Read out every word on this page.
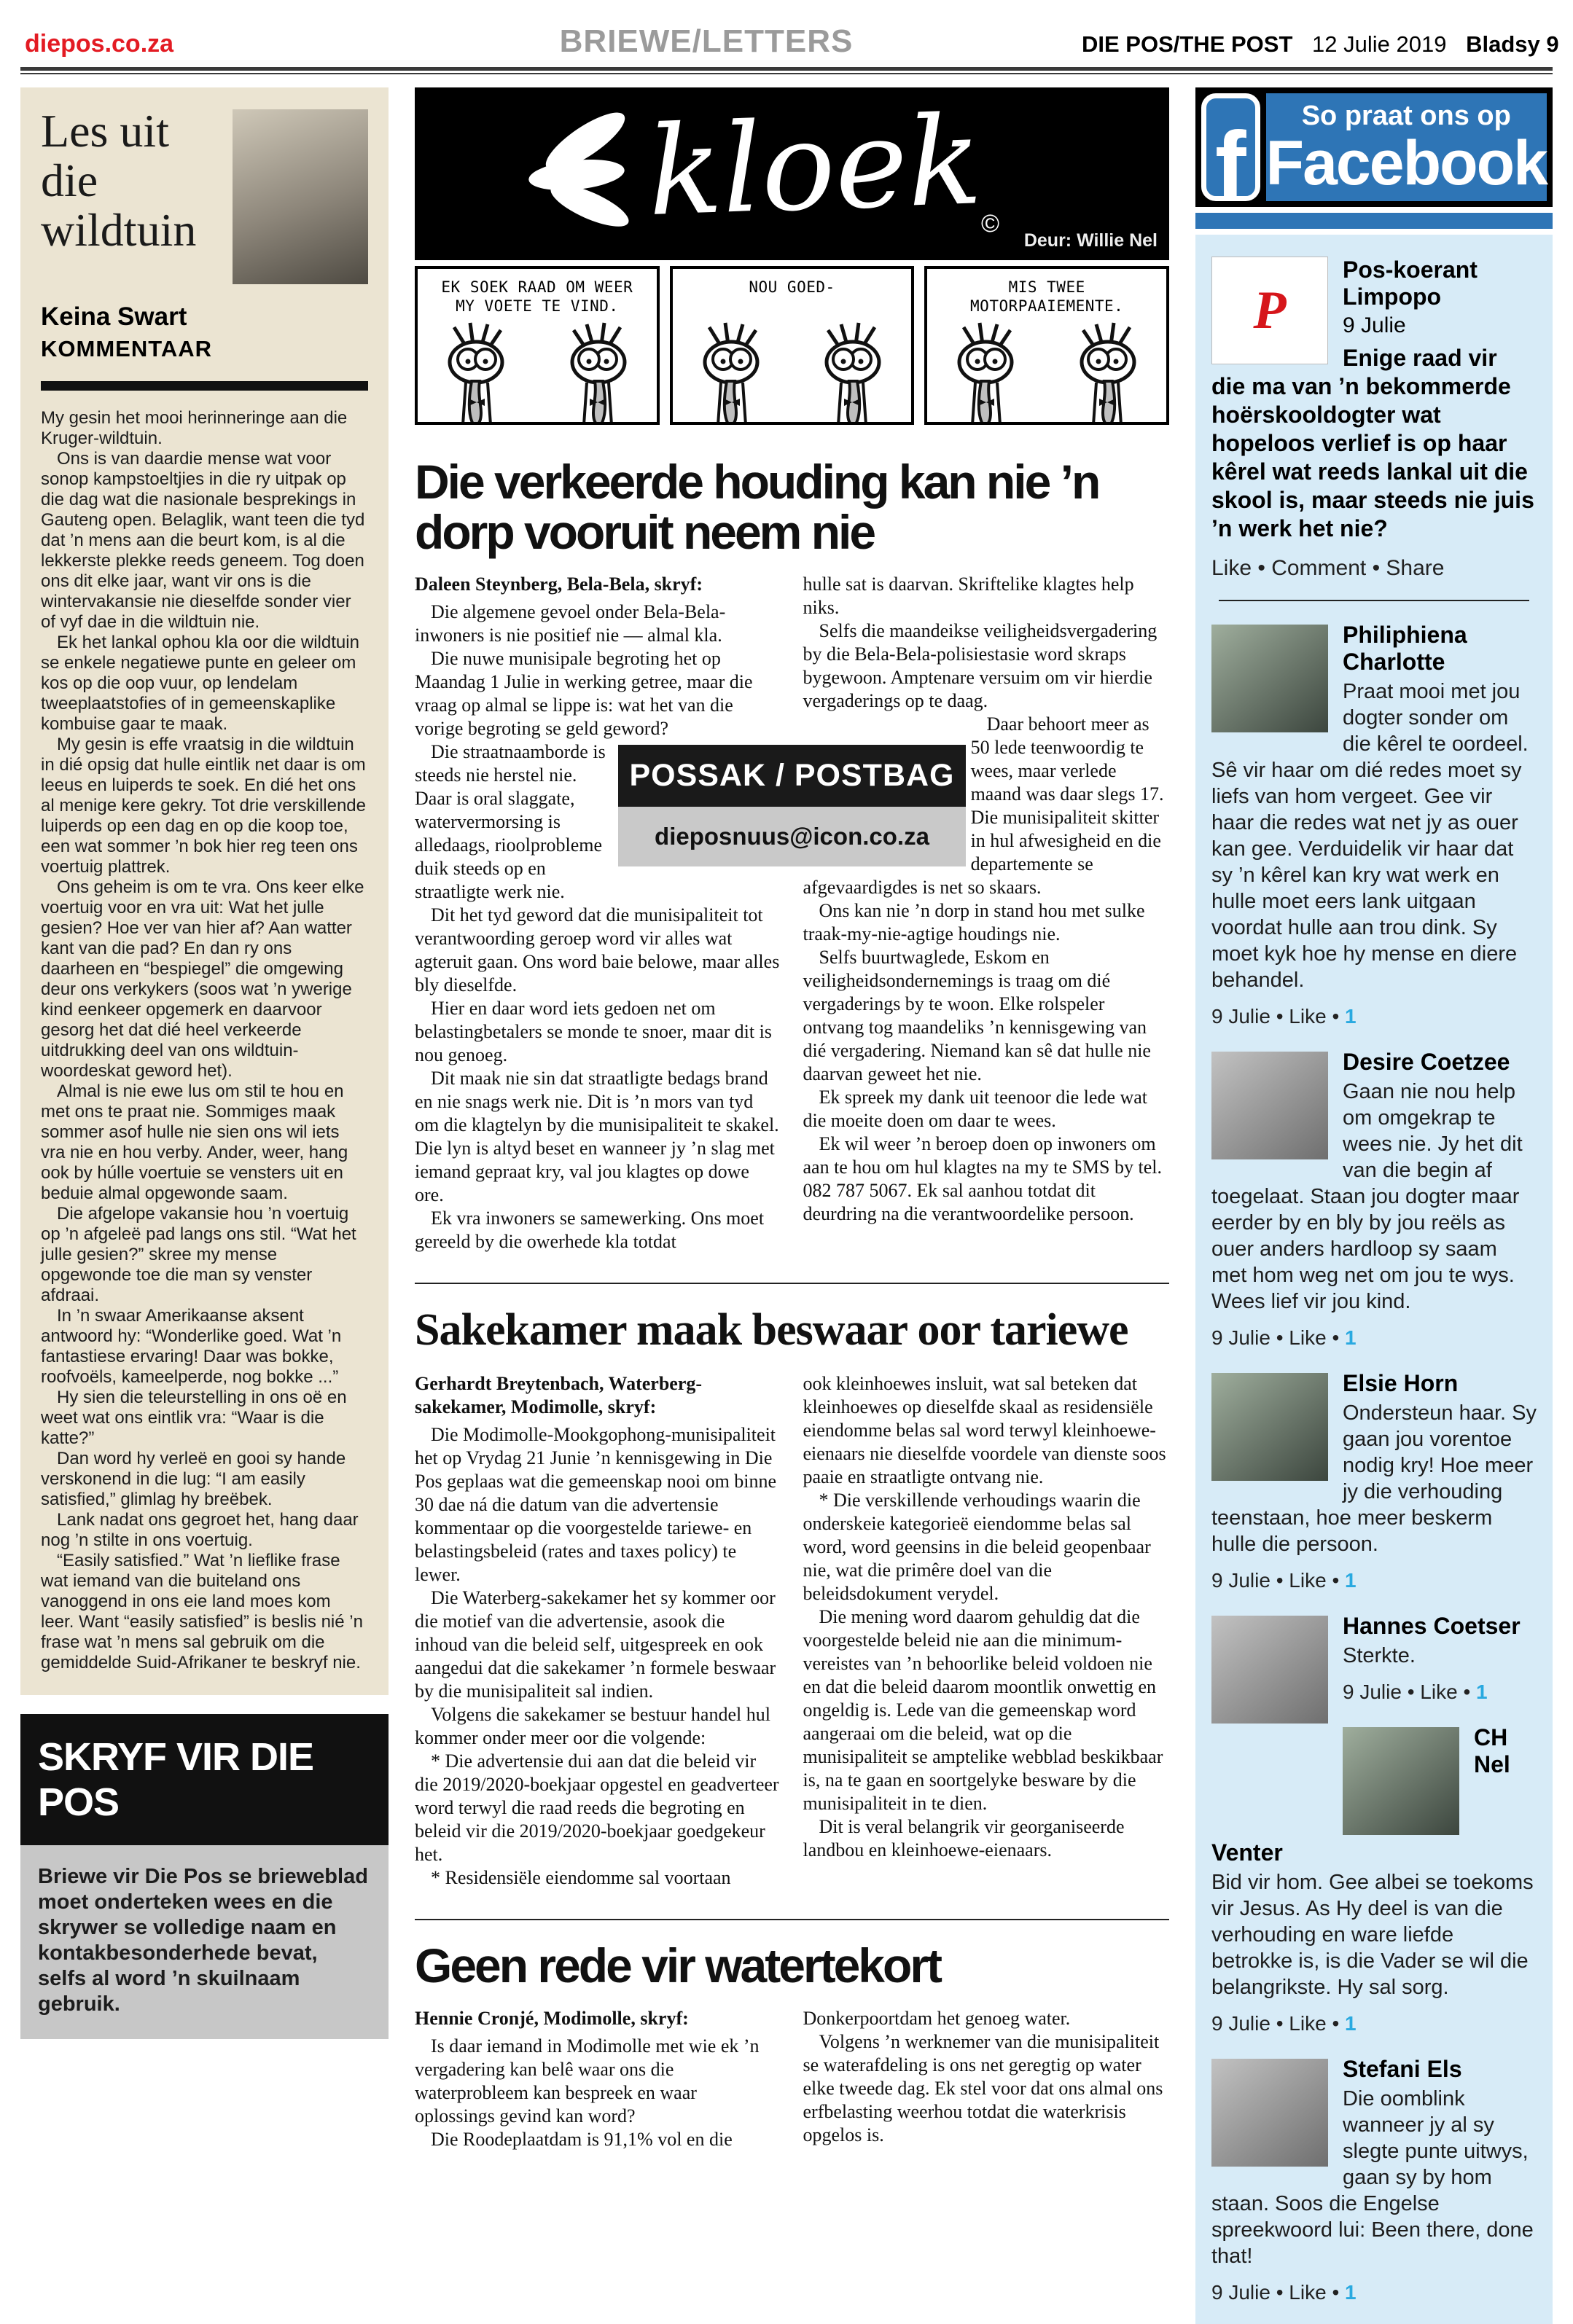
diepos.co.za	BRIEWE/LETTERS	DIE POS/THE POST 12 Julie 2019 Bladsy 9
Les uit die wildtuin
Keina Swart
KOMMENTAAR

My gesin het mooi herinneringe aan die Kruger-wildtuin.

Ons is van daardie mense wat voor sonop kampstoeltjies in die ry uitpak op die dag wat die nasionale besprekings in Gauteng open. Belaglik, want teen die tyd dat ’n mens aan die beurt kom, is al die lekkerste plekke reeds geneem. Tog doen ons dit elke jaar, want vir ons is die wintervakansie nie dieselfde sonder vier of vyf dae in die wildtuin nie.

Ek het lankal ophou kla oor die wildtuin se enkele negatiewe punte en geleer om kos op die oop vuur, op lendelam tweeplaatstofies of in gemeenskaplike kombuise gaar te maak.

My gesin is effe vraatsig in die wildtuin in dié opsig dat hulle eintlik net daar is om leeus en luiperds te soek. En dié het ons al menige kere gekry. Tot drie verskillende luiperds op een dag en op die koop toe, een wat sommer ’n bok hier reg teen ons voertuig plattrek.

Ons geheim is om te vra. Ons keer elke voertuig voor en vra uit: Wat het julle gesien? Hoe ver van hier af? Aan watter kant van die pad? En dan ry ons daarheen en “bespiegel” die omgewing deur ons verkykers (soos wat ’n ywerige kind eenkeer opgemerk en daarvoor gesorg het dat dié heel verkeerde uitdrukking deel van ons wildtuin-woordeskat geword het).

Almal is nie ewe lus om stil te hou en met ons te praat nie. Sommiges maak sommer asof hulle nie sien ons wil iets vra nie en hou verby. Ander, weer, hang ook by húlle voertuie se vensters uit en beduie almal opgewonde saam.

Die afgelope vakansie hou ’n voertuig op ’n afgeleë pad langs ons stil. “Wat het julle gesien?” skree my mense opgewonde toe die man sy venster afdraai.

In ’n swaar Amerikaanse aksent antwoord hy: “Wonderlike goed. Wat ’n fantastiese ervaring! Daar was bokke, roofvoëls, kameelperde, nog bokke ...”

Hy sien die teleurstelling in ons oë en weet wat ons eintlik vra: “Waar is die katte?”

Dan word hy verleë en gooi sy hande verskonend in die lug: “I am easily satisfied,” glimlag hy breëbek.

Lank nadat ons gegroet het, hang daar nog ’n stilte in ons voertuig.

“Easily satisfied.” Wat ’n lieflike frase wat iemand van die buiteland ons vanoggend in ons eie land moes kom leer. Want “easily satisfied” is beslis nié ’n frase wat ’n mens sal gebruik om die gemiddelde Suid-Afrikaner te beskryf nie.

SKRYF VIR DIE POS
Briewe vir Die Pos se brieweblad moet onderteken wees en die skrywer se volledige naam en kontakbesonderhede bevat, selfs al word ’n skuilnaam gebruik.
kloek
©
Deur: Willie Nel
EK SOEK RAAD OM WEER MY VOETE TE VIND.
NOU GOED-	MIS TWEE MOTORPAAIEMENTE.
Die verkeerde houding kan nie ’n dorp vooruit neem nie

Daleen Steynberg, Bela-Bela, skryf:

Die algemene gevoel onder Bela-Bela-inwoners is nie positief nie — almal kla.

Die nuwe munisipale begroting het op Maandag 1 Julie in werking getree, maar die vraag op almal se lippe is: wat het van die vorige begroting se geld geword?

Die straatnaamborde is steeds nie herstel nie. Daar is oral slaggate, watervermorsing is alledaags, rioolprobleme duik steeds op en straatligte werk nie.

Dit het tyd geword dat die munisipaliteit tot verantwoording geroep word vir alles wat agteruit gaan. Ons word baie belowe, maar alles bly dieselfde.

Hier en daar word iets gedoen net om belastingbetalers se monde te snoer, maar dit is nou genoeg.

Dit maak nie sin dat straatligte bedags brand en nie snags werk nie. Dit is ’n mors van tyd om die klagtelyn by die munisipaliteit te skakel. Die lyn is altyd beset en wanneer jy ’n slag met iemand gepraat kry, val jou klagtes op dowe ore.

Ek vra inwoners se samewerking. Ons moet gereeld by die owerhede kla totdat

hulle sat is daarvan. Skriftelike klagtes help niks.

Selfs die maandeikse veiligheidsvergadering by die Bela-Bela-polisiestasie word skraps bygewoon. Amptenare versuim om vir hierdie vergaderings op te daag.

Daar behoort meer as 50 lede teenwoordig te wees, maar verlede maand was daar slegs 17. Die munisipaliteit skitter in hul afwesigheid en die departemente se afgevaardigdes is net so skaars.

Ons kan nie ’n dorp in stand hou met sulke traak-my-nie-agtige houdings nie.

Selfs buurtwaglede, Eskom en veiligheidsondernemings is traag om dié vergaderings by te woon. Elke rolspeler ontvang tog maandeliks ’n kennisgewing van dié vergadering. Niemand kan sê dat hulle nie daarvan geweet het nie.

Ek spreek my dank uit teenoor die lede wat die moeite doen om daar te wees.

Ek wil weer ’n beroep doen op inwoners om aan te hou om hul klagtes na my te SMS by tel. 082 787 5067. Ek sal aanhou totdat dit deurdring na die verantwoordelike persoon.

POSSAK / POSTBAG
dieposnuus@icon.co.za
Sakekamer maak beswaar oor tariewe

Gerhardt Breytenbach, Waterberg-sakekamer, Modimolle, skryf:

Die Modimolle-Mookgophong-munisipaliteit het op Vrydag 21 Junie ’n kennisgewing in Die Pos geplaas wat die gemeenskap nooi om binne 30 dae ná die datum van die advertensie kommentaar op die voorgestelde tariewe- en belastingsbeleid (rates and taxes policy) te lewer.

Die Waterberg-sakekamer het sy kommer oor die motief van die advertensie, asook die inhoud van die beleid self, uitgespreek en ook aangedui dat die sakekamer ’n formele beswaar by die munisipaliteit sal indien.

Volgens die sakekamer se bestuur handel hul kommer onder meer oor die volgende:

* Die advertensie dui aan dat die beleid vir die 2019/2020-boekjaar opgestel en geadverteer word terwyl die raad reeds die begroting en beleid vir die 2019/2020-boekjaar goedgekeur het.

* Residensiële eiendomme sal voortaan

ook kleinhoewes insluit, wat sal beteken dat kleinhoewes op dieselfde skaal as residensiële eiendomme belas sal word terwyl kleinhoewe-eienaars nie dieselfde voordele van dienste soos paaie en straatligte ontvang nie.

* Die verskillende verhoudings waarin die onderskeie kategorieë eiendomme belas sal word, word geensins in die beleid geopenbaar nie, wat die primêre doel van die beleidsdokument verydel.

Die mening word daarom gehuldig dat die voorgestelde beleid nie aan die minimum-vereistes van ’n behoorlike beleid voldoen nie en dat die beleid daarom moontlik onwettig en ongeldig is. Lede van die gemeenskap word aangeraai om die beleid, wat op die munisipaliteit se amptelike webblad beskikbaar is, na te gaan en soortgelyke besware by die munisipaliteit in te dien.

Dit is veral belangrik vir georganiseerde landbou en kleinhoewe-eienaars.

Geen rede vir watertekort

Hennie Cronjé, Modimolle, skryf:

Is daar iemand in Modimolle met wie ek ’n vergadering kan belê waar ons die waterprobleem kan bespreek en waar oplossings gevind kan word?

Die Roodeplaatdam is 91,1% vol en die

Donkerpoortdam het genoeg water.

Volgens ’n werknemer van die munisipaliteit se waterafdeling is ons net geregtig op water elke tweede dag. Ek stel voor dat ons almal ons erfbelasting weerhou totdat die waterkrisis opgelos is.

f	So praat ons op
Facebook
P
Pos-koerant Limpopo
9 Julie
Enige raad vir die ma van ’n bekommerde hoërskooldogter wat hopeloos verlief is op haar kêrel wat reeds lankal uit die skool is, maar steeds nie juis ’n werk het nie?
Like • Comment • Share
Philiphiena Charlotte
Praat mooi met jou dogter sonder om die kêrel te oordeel. Sê vir haar om dié redes moet sy liefs van hom vergeet. Gee vir haar die redes wat net jy as ouer kan gee. Verduidelik vir haar dat sy ’n kêrel kan kry wat werk en hulle moet eers lank uitgaan voordat hulle aan trou dink. Sy moet kyk hoe hy mense en diere behandel.
9 Julie • Like • 1
Desire Coetzee
Gaan nie nou help om omgekrap te wees nie. Jy het dit van die begin af toegelaat. Staan jou dogter maar eerder by en bly by jou reëls as ouer anders hardloop sy saam met hom weg net om jou te wys. Wees lief vir jou kind.
9 Julie • Like • 1
Elsie Horn
Ondersteun haar. Sy gaan jou vorentoe nodig kry! Hoe meer jy die verhouding teenstaan, hoe meer beskerm hulle die persoon.
9 Julie • Like • 1
Hannes Coetser
Sterkte.
9 Julie • Like • 1
CH Nel Venter
Bid vir hom. Gee albei se toekoms vir Jesus. As Hy deel is van die verhouding en ware liefde betrokke is, is die Vader se wil die belangrikste. Hy sal sorg.
9 Julie • Like • 1
Stefani Els
Die oomblink wanneer jy al sy slegte punte uitwys, gaan sy by hom staan. Soos die Engelse spreekwoord lui: Been there, done that!
9 Julie • Like • 1
